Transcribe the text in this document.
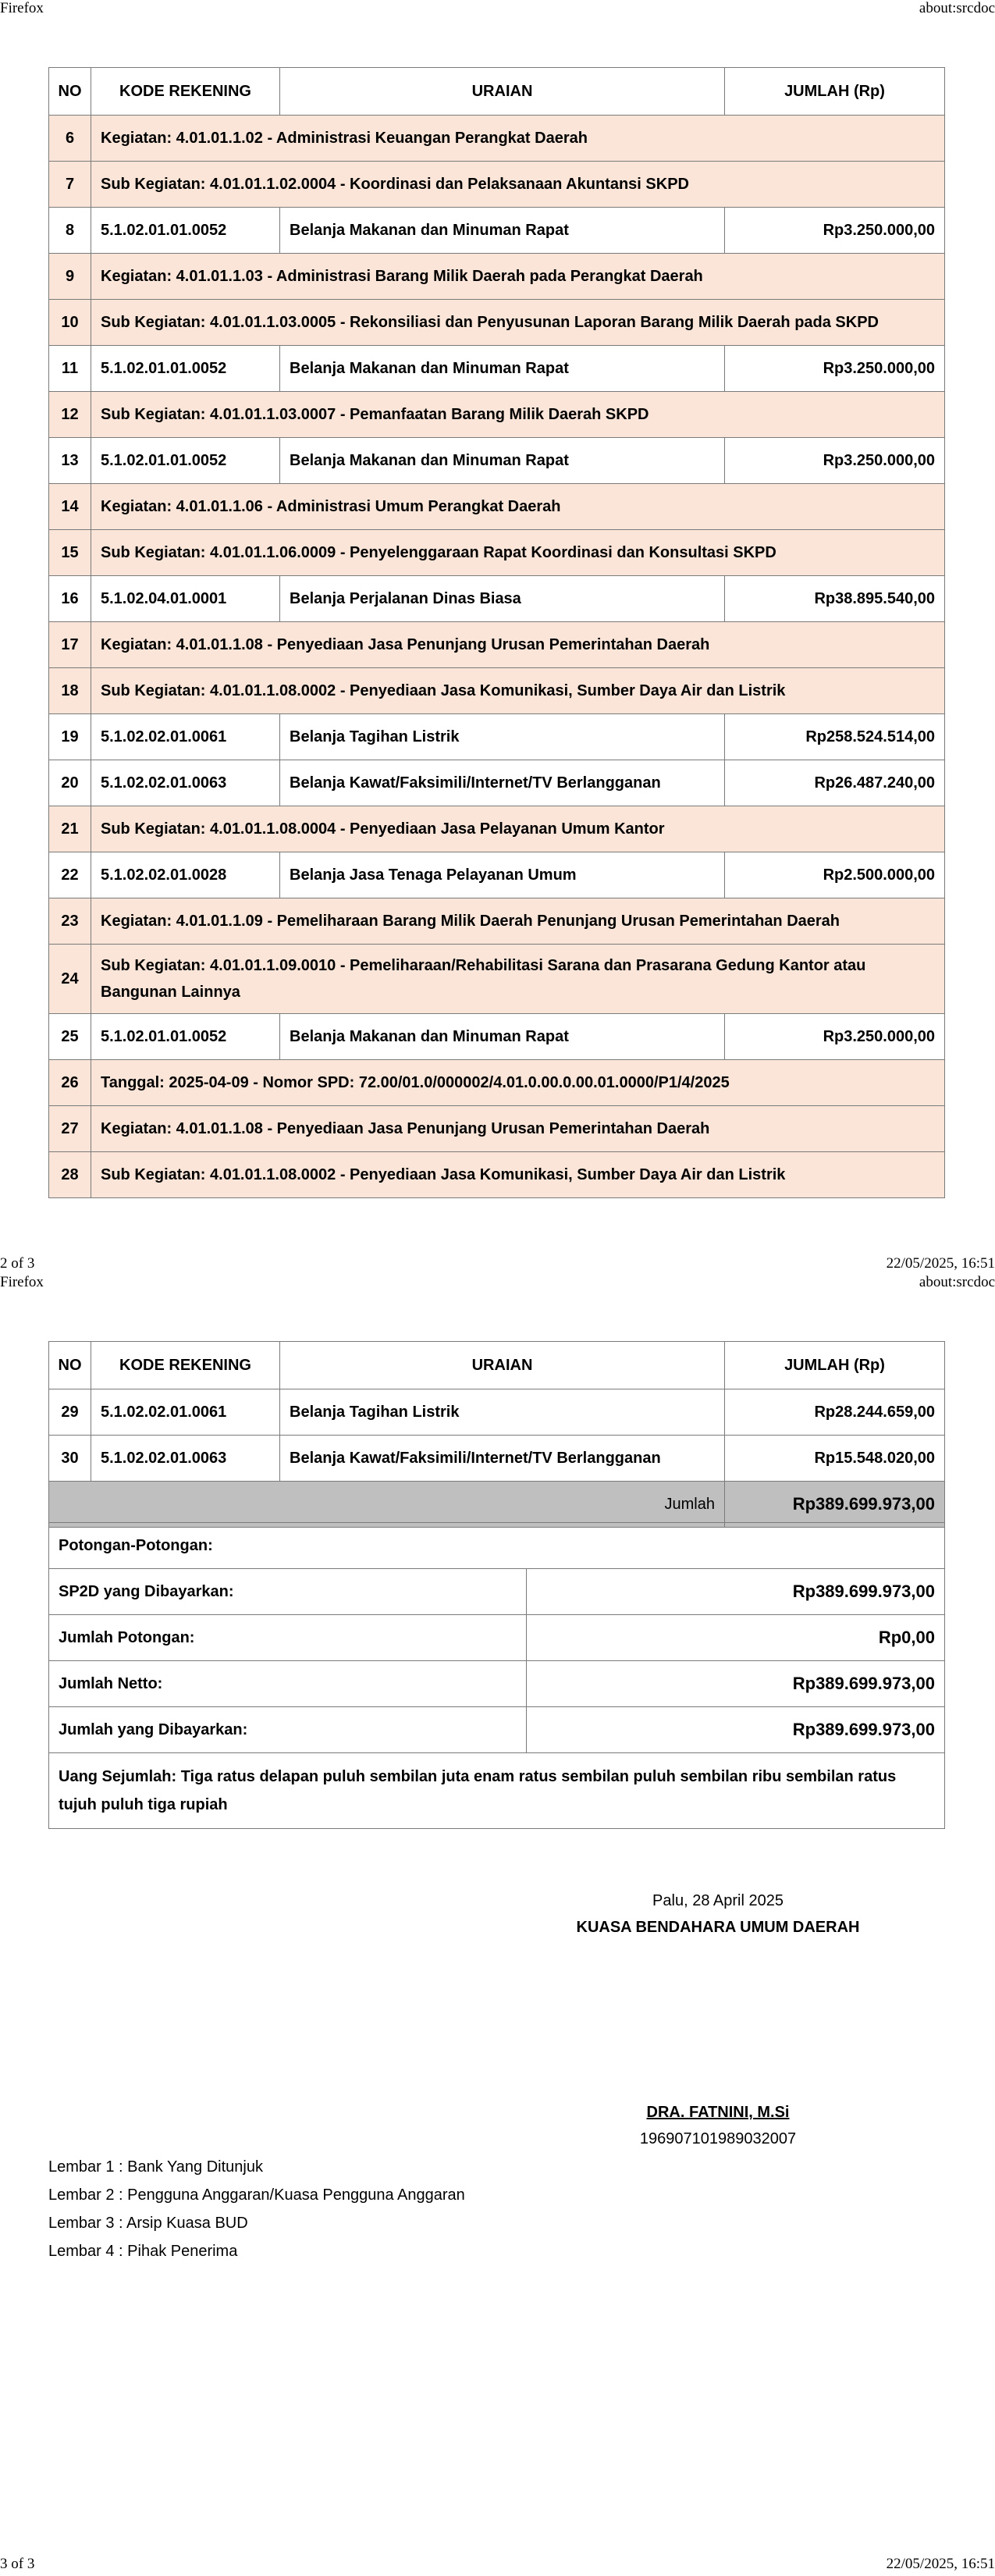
Firefox	about:srcdoc
NO	KODE REKENING	URAIAN	JUMLAH (Rp)
6	Kegiatan: 4.01.01.1.02 - Administrasi Keuangan Perangkat Daerah		
7	Sub Kegiatan: 4.01.01.1.02.0004 - Koordinasi dan Pelaksanaan Akuntansi SKPD		
8	5.1.02.01.01.0052	Belanja Makanan dan Minuman Rapat	Rp3.250.000,00
9	Kegiatan: 4.01.01.1.03 - Administrasi Barang Milik Daerah pada Perangkat Daerah		
10	Sub Kegiatan: 4.01.01.1.03.0005 - Rekonsiliasi dan Penyusunan Laporan Barang Milik Daerah pada SKPD		
11	5.1.02.01.01.0052	Belanja Makanan dan Minuman Rapat	Rp3.250.000,00
12	Sub Kegiatan: 4.01.01.1.03.0007 - Pemanfaatan Barang Milik Daerah SKPD		
13	5.1.02.01.01.0052	Belanja Makanan dan Minuman Rapat	Rp3.250.000,00
14	Kegiatan: 4.01.01.1.06 - Administrasi Umum Perangkat Daerah		
15	Sub Kegiatan: 4.01.01.1.06.0009 - Penyelenggaraan Rapat Koordinasi dan Konsultasi SKPD		
16	5.1.02.04.01.0001	Belanja Perjalanan Dinas Biasa	Rp38.895.540,00
17	Kegiatan: 4.01.01.1.08 - Penyediaan Jasa Penunjang Urusan Pemerintahan Daerah		
18	Sub Kegiatan: 4.01.01.1.08.0002 - Penyediaan Jasa Komunikasi, Sumber Daya Air dan Listrik		
19	5.1.02.02.01.0061	Belanja Tagihan Listrik	Rp258.524.514,00
20	5.1.02.02.01.0063	Belanja Kawat/Faksimili/Internet/TV Berlangganan	Rp26.487.240,00
21	Sub Kegiatan: 4.01.01.1.08.0004 - Penyediaan Jasa Pelayanan Umum Kantor		
22	5.1.02.02.01.0028	Belanja Jasa Tenaga Pelayanan Umum	Rp2.500.000,00
23	Kegiatan: 4.01.01.1.09 - Pemeliharaan Barang Milik Daerah Penunjang Urusan Pemerintahan Daerah		
24	Sub Kegiatan: 4.01.01.1.09.0010 - Pemeliharaan/Rehabilitasi Sarana dan Prasarana Gedung Kantor atau Bangunan Lainnya		
25	5.1.02.01.01.0052	Belanja Makanan dan Minuman Rapat	Rp3.250.000,00
26	Tanggal: 2025-04-09 - Nomor SPD: 72.00/01.0/000002/4.01.0.00.0.00.01.0000/P1/4/2025		
27	Kegiatan: 4.01.01.1.08 - Penyediaan Jasa Penunjang Urusan Pemerintahan Daerah		
28	Sub Kegiatan: 4.01.01.1.08.0002 - Penyediaan Jasa Komunikasi, Sumber Daya Air dan Listrik		
2 of 3	22/05/2025, 16:51
Firefox	about:srcdoc
NO	KODE REKENING	URAIAN	JUMLAH (Rp)
29	5.1.02.02.01.0061	Belanja Tagihan Listrik	Rp28.244.659,00
30	5.1.02.02.01.0063	Belanja Kawat/Faksimili/Internet/TV Berlangganan	Rp15.548.020,00
Jumlah			Rp389.699.973,00
Potongan-Potongan:	
SP2D yang Dibayarkan:	Rp389.699.973,00
Jumlah Potongan:	Rp0,00
Jumlah Netto:	Rp389.699.973,00
Jumlah yang Dibayarkan:	Rp389.699.973,00
Uang Sejumlah: Tiga ratus delapan puluh sembilan juta enam ratus sembilan puluh sembilan ribu sembilan ratus tujuh puluh tiga rupiah	
Palu, 28 April 2025
KUASA BENDAHARA UMUM DAERAH
DRA. FATNINI, M.Si
196907101989032007
Lembar 1 : Bank Yang Ditunjuk
Lembar 2 : Pengguna Anggaran/Kuasa Pengguna Anggaran
Lembar 3 : Arsip Kuasa BUD
Lembar 4 : Pihak Penerima
3 of 3	22/05/2025, 16:51
